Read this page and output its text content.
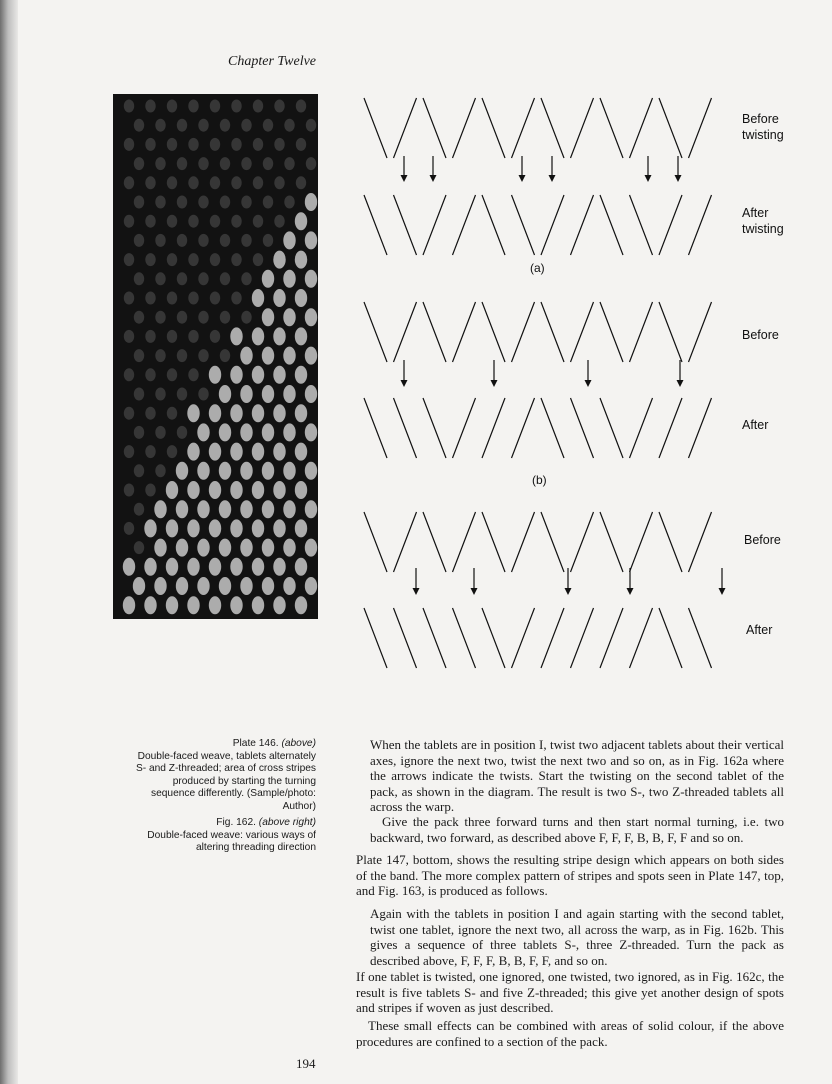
Chapter Twelve
Before
twisting
After
twisting
(a)
Before
After
(b)
Before
After
Plate 146. (above)
Double-faced weave, tablets alternately
S- and Z-threaded; area of cross stripes
produced by starting the turning
sequence differently. (Sample/photo:
Author)
Fig. 162. (above right)
Double-faced weave: various ways of
altering threading direction

When the tablets are in position I, twist two adjacent tablets about their vertical axes, ignore the next two, twist the next two and so on, as in Fig. 162a where the arrows indicate the twists. Start the twisting on the second tablet of the pack, as shown in the diagram. The result is two S-, two Z-threaded tablets all across the warp.

Give the pack three forward turns and then start normal turning, i.e. two backward, two forward, as described above F, F, F, B, B, F, F and so on.

Plate 147, bottom, shows the resulting stripe design which appears on both sides of the band. The more complex pattern of stripes and spots seen in Plate 147, top, and Fig. 163, is produced as follows.

Again with the tablets in position I and again starting with the second tablet, twist one tablet, ignore the next two, all across the warp, as in Fig. 162b. This gives a sequence of three tablets S-, three Z-threaded. Turn the pack as described above, F, F, F, B, B, F, F, and so on.

If one tablet is twisted, one ignored, one twisted, two ignored, as in Fig. 162c, the result is five tablets S- and five Z-threaded; this give yet another design of spots and stripes if woven as just described.

These small effects can be combined with areas of solid colour, if the above procedures are confined to a section of the pack.

194
